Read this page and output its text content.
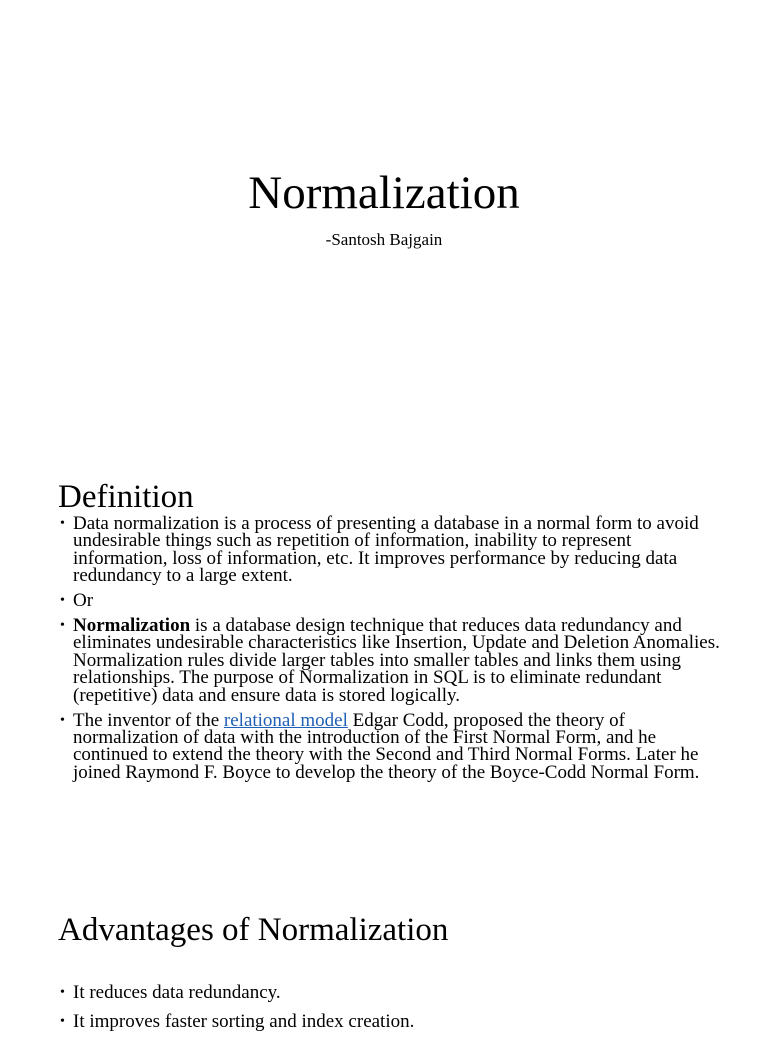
Normalization

-Santosh Bajgain

Definition
• Data normalization is a process of presenting a database in a normal form to avoid undesirable things such as repetition of information, inability to represent information, loss of information, etc. It improves performance by reducing data redundancy to a large extent.
• Or
• Normalization is a database design technique that reduces data redundancy and eliminates undesirable characteristics like Insertion, Update and Deletion Anomalies. Normalization rules divide larger tables into smaller tables and links them using relationships. The purpose of Normalization in SQL is to eliminate redundant (repetitive) data and ensure data is stored logically.
• The inventor of the relational model Edgar Codd, proposed the theory of normalization of data with the introduction of the First Normal Form, and he continued to extend the theory with the Second and Third Normal Forms. Later he joined Raymond F. Boyce to develop the theory of the Boyce-Codd Normal Form.
Advantages of Normalization
• It reduces data redundancy.
• It improves faster sorting and index creation.
